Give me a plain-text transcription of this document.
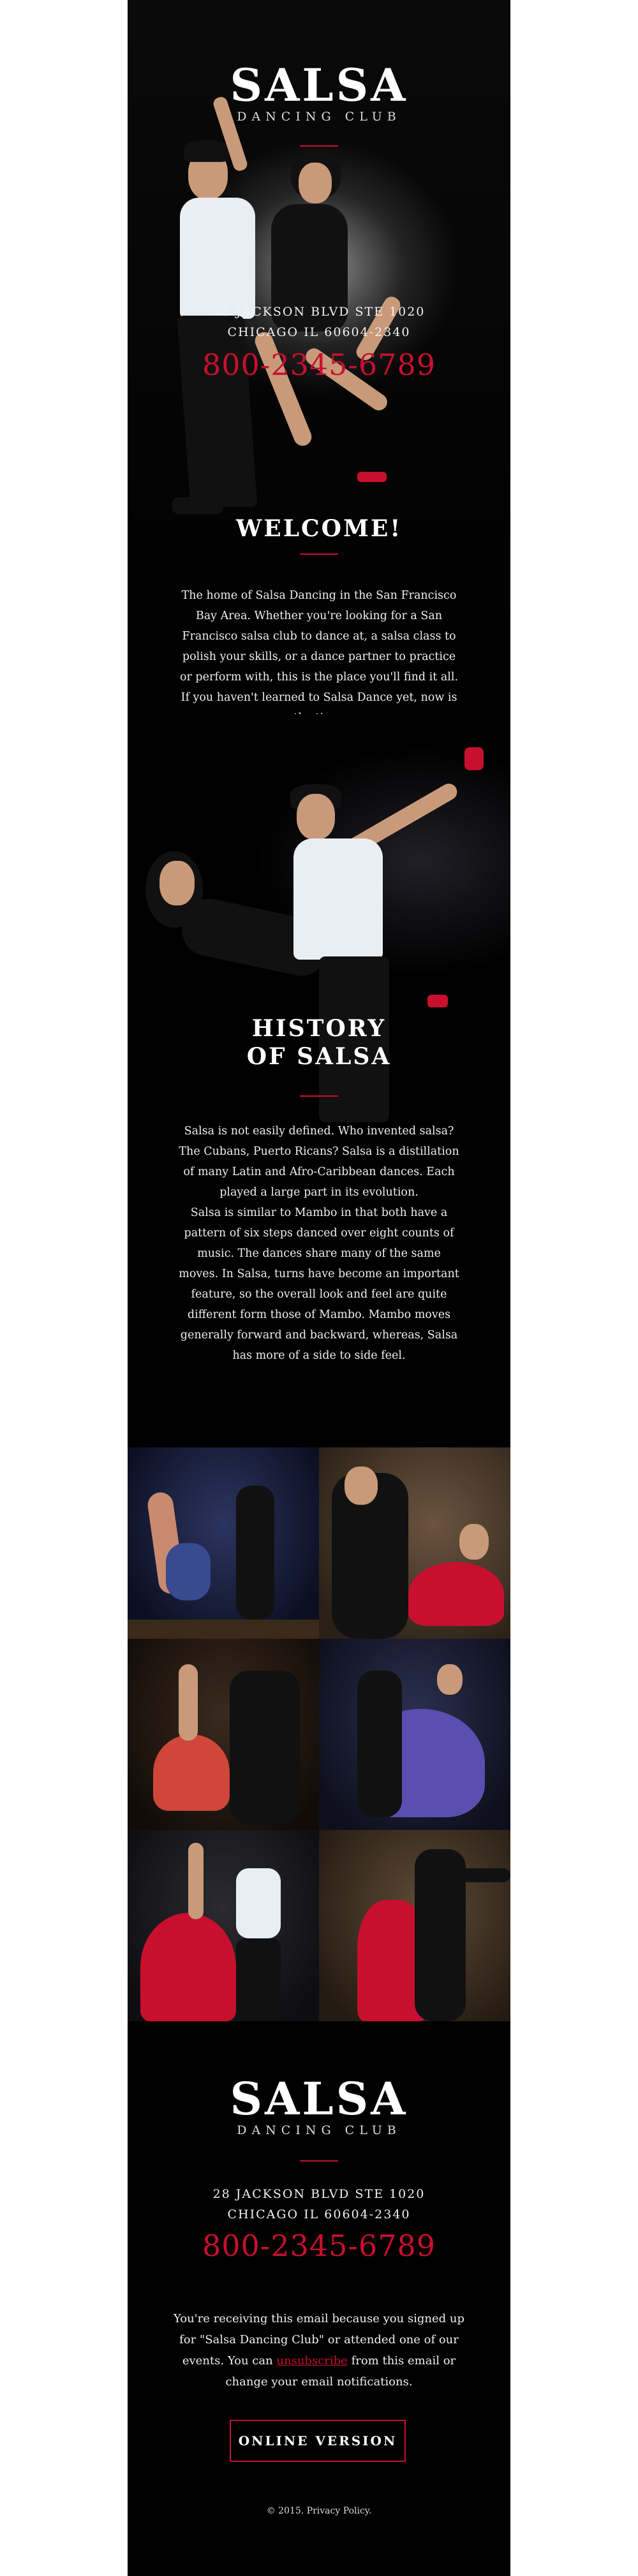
SALSA
DANCING CLUB
28 JACKSON BLVD STE 1020
CHICAGO IL 60604-2340
800-2345-6789
WELCOME!
The home of Salsa Dancing in the San Francisco
Bay Area. Whether you're looking for a San
Francisco salsa club to dance at, a salsa class to
polish your skills, or a dance partner to practice
or perform with, this is the place you'll find it all.
If you haven't learned to Salsa Dance yet, now is
HISTORY
OF SALSA
Salsa is not easily defined. Who invented salsa?
The Cubans, Puerto Ricans? Salsa is a distillation
of many Latin and Afro-Caribbean dances. Each
played a large part in its evolution.
Salsa is similar to Mambo in that both have a
pattern of six steps danced over eight counts of
music. The dances share many of the same
moves. In Salsa, turns have become an important
feature, so the overall look and feel are quite
different form those of Mambo. Mambo moves
generally forward and backward, whereas, Salsa
has more of a side to side feel.
SALSA
DANCING CLUB
28 JACKSON BLVD STE 1020
CHICAGO IL 60604-2340
800-2345-6789
You're receiving this email because you signed up
for "Salsa Dancing Club" or attended one of our
events. You can unsubscribe from this email or
change your email notifications.
ONLINE VERSION
© 2015. Privacy Policy.
